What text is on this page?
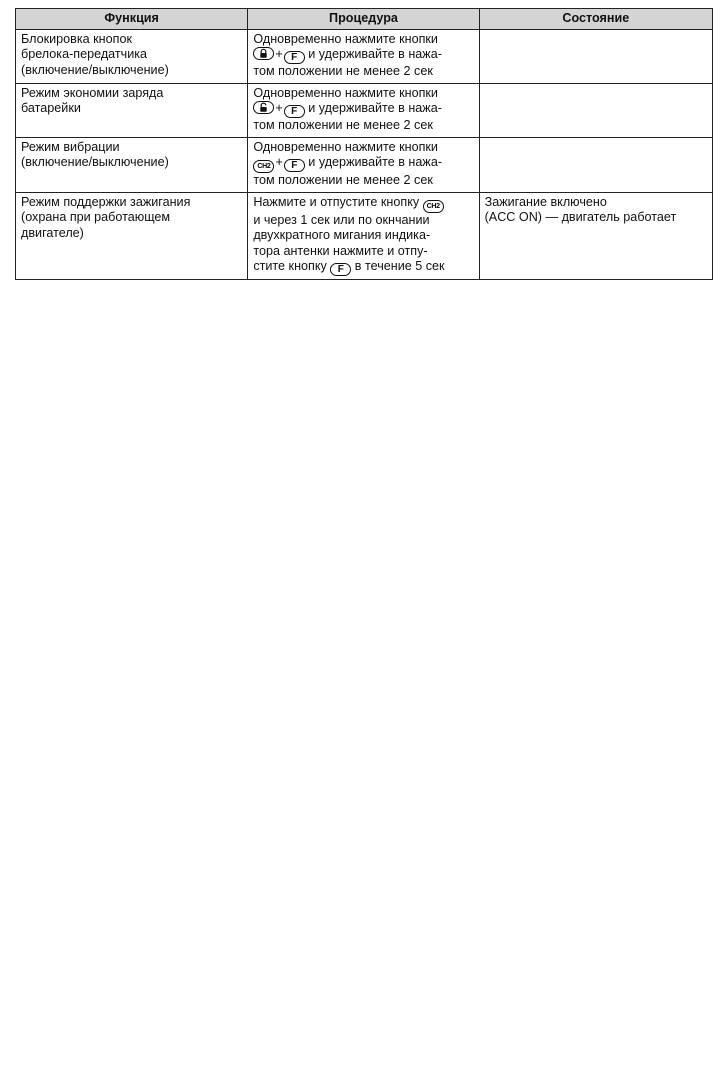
Функция	Процедура	Состояние

Блокировка кнопок
брелока-передатчика
(включение/выключение)	Одновременно нажмите кнопки
+ F и удерживайте в нажа-
том положении не менее 2 сек	

Режим экономии заряда
батарейки	Одновременно нажмите кнопки
+ F и удерживайте в нажа-
том положении не менее 2 сек	

Режим вибрации
(включение/выключение)	Одновременно нажмите кнопки
CH2 + F и удерживайте в нажа-
том положении не менее 2 сек	

Режим поддержки зажигания
(охрана при работающем
двигателе)	Нажмите и отпустите кнопку CH2
и через 1 сек или по окнчании
двухкратного мигания индика-
тора антенки нажмите и отпу-
стите кнопку F в течение 5 сек	Зажигание включено
(ACC ON) — двигатель работает
